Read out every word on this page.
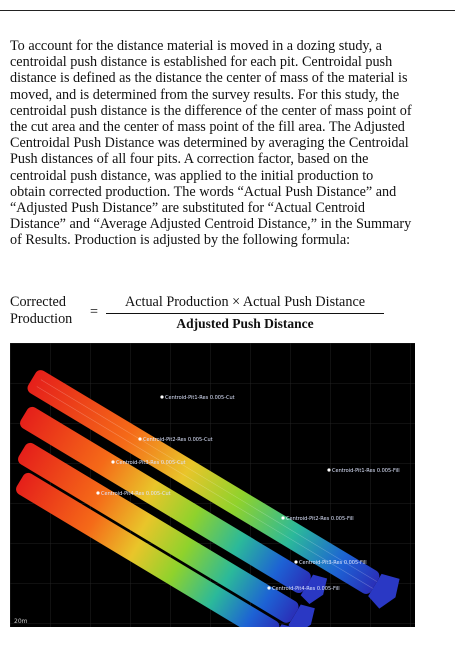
To account for the distance material is moved in a dozing study, a centroidal push distance is established for each pit. Centroidal push distance is defined as the distance the center of mass of the material is moved, and is determined from the survey results. For this study, the centroidal push distance is the difference of the center of mass point of the cut area and the center of mass point of the fill area. The Adjusted Centroidal Push Distance was determined by averaging the Centroidal Push distances of all four pits. A correction factor, based on the centroidal push distance, was applied to the initial production to obtain corrected production. The words “Actual Push Distance” and “Adjusted Push Distance” are substituted for “Actual Centroid Distance” and “Average Adjusted Centroid Distance,” in the Summary of Results. Production is adjusted by the following formula:

Corrected
Production =
Actual Production × Actual Push Distance
Adjusted Push Distance
Centroid-Pit1-Res 0.005-Cut
Centroid-Pit2-Res 0.005-Cut
Centroid-Pit3-Res 0.005-Cut
Centroid-Pit4-Res 0.005-Cut
Centroid-Pit1-Res 0.005-Fill
Centroid-Pit2-Res 0.005-Fill
Centroid-Pit3-Res 0.005-Fill
Centroid-Pit4-Res 0.005-Fill
20m
